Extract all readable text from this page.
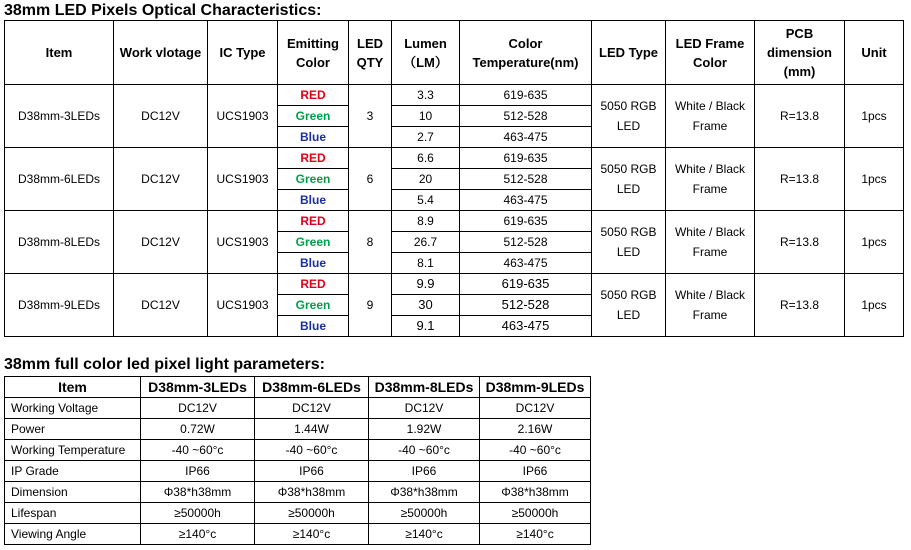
38mm LED Pixels Optical Characteristics:
Item	Work vlotage	IC Type	Emitting Color	LED QTY	Lumen （LM）	Color Temperature(nm)	LED Type	LED Frame Color	PCB dimension (mm)	Unit
D38mm-3LEDs	DC12V	UCS1903	RED	3	3.3	619-635	5050 RGB LED	White / Black Frame	R=13.8	1pcs
			Green		10	512-528				
			Blue		2.7	463-475				
D38mm-6LEDs	DC12V	UCS1903	RED	6	6.6	619-635	5050 RGB LED	White / Black Frame	R=13.8	1pcs
			Green		20	512-528				
			Blue		5.4	463-475				
D38mm-8LEDs	DC12V	UCS1903	RED	8	8.9	619-635	5050 RGB LED	White / Black Frame	R=13.8	1pcs
			Green		26.7	512-528				
			Blue		8.1	463-475				
D38mm-9LEDs	DC12V	UCS1903	RED	9	9.9	619-635	5050 RGB LED	White / Black Frame	R=13.8	1pcs
			Green		30	512-528				
			Blue		9.1	463-475				
38mm full color led pixel light parameters:
Item	D38mm-3LEDs	D38mm-6LEDs	D38mm-8LEDs	D38mm-9LEDs
Working Voltage	DC12V	DC12V	DC12V	DC12V
Power	0.72W	1.44W	1.92W	2.16W
Working Temperature	-40 ~60°c	-40 ~60°c	-40 ~60°c	-40 ~60°c
IP Grade	IP66	IP66	IP66	IP66
Dimension	Φ38*h38mm	Φ38*h38mm	Φ38*h38mm	Φ38*h38mm
Lifespan	≥50000h	≥50000h	≥50000h	≥50000h
Viewing Angle	≥140°c	≥140°c	≥140°c	≥140°c
